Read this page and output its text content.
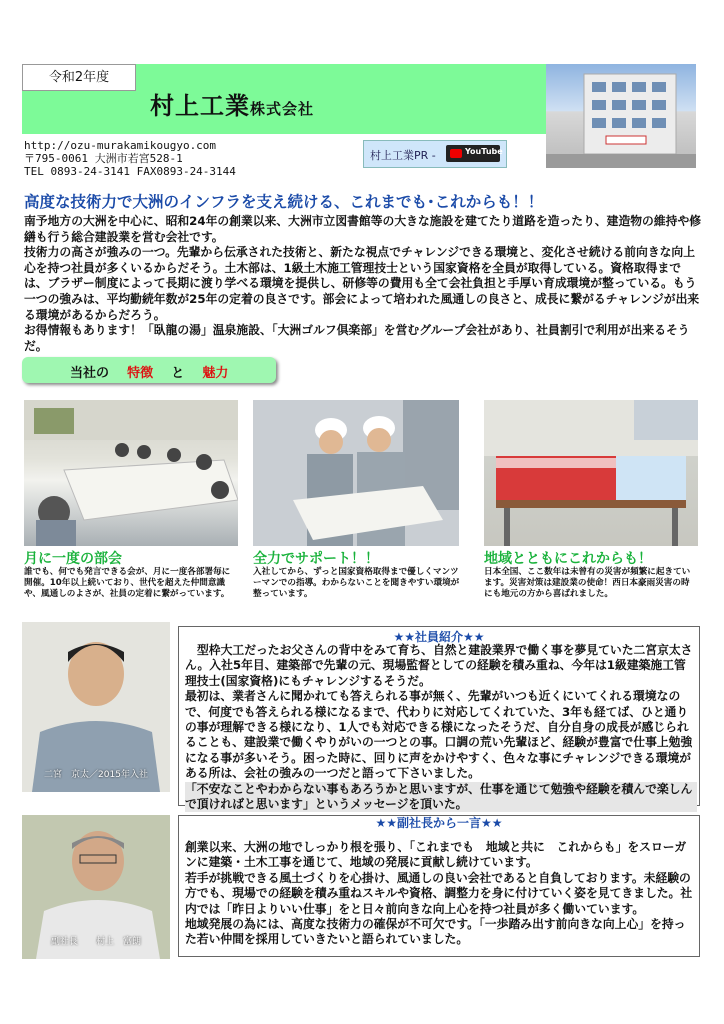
令和2年度
村上工業株式会社
http://ozu-murakamikougyo.com
〒795-0061 大洲市若宮528-1
TEL 0893-24-3141 FAX0893-24-3144
村上工業PR -	YouTube
高度な技術力で大洲のインフラを支え続ける、これまでも･これからも！！

南予地方の大洲を中心に、昭和24年の創業以来、大洲市立図書館等の大きな施設を建てたり道路を造ったり、建造物の維持や修繕も行う総合建設業を営む会社です。

技術力の高さが強みの一つ。先輩から伝承された技術と、新たな視点でチャレンジできる環境と、変化させ続ける前向きな向上心を持つ社員が多くいるからだそう。土木部は、1級土木施工管理技士という国家資格を全員が取得している。資格取得までは、ブラザー制度によって長期に渡り学べる環境を提供し、研修等の費用も全て会社負担と手厚い育成環境が整っている。もう一つの強みは、平均勤続年数が25年の定着の良さです。部会によって培われた風通しの良さと、成長に繋がるチャレンジが出来る環境があるからだろう。

お得情報もあります！「臥龍の湯」温泉施設、「大洲ゴルフ倶楽部」を営むグループ会社があり、社員割引で利用が出来るそうだ。

当社の 特徴 と 魅力
月に一度の部会
誰でも、何でも発言できる会が、月に一度各部署毎に開催。10年以上続いており、世代を超えた仲間意識や、風通しのよさが、社員の定着に繋がっています。
全力でサポート！！
入社してから、ずっと国家資格取得まで優しくマンツーマンでの指導。わからないことを聞きやすい環境が整っています。
地域とともにこれからも！
日本全国、ここ数年は未曾有の災害が頻繁に起きています。災害対策は建設業の使命！西日本豪雨災害の時にも地元の方から喜ばれました。
二宮　京太／2015年入社
★★社員紹介★★

型枠大工だったお父さんの背中をみて育ち、自然と建設業界で働く事を夢見ていた二宮京太さん。入社5年目、建築部で先輩の元、現場監督としての経験を積み重ね、今年は1級建築施工管理技士(国家資格)にもチャレンジするそうだ。

最初は、業者さんに聞かれても答えられる事が無く、先輩がいつも近くにいてくれる環境なので、何度でも答えられる様になるまで、代わりに対応してくれていた、3年も経てば、ひと通りの事が理解できる様になり、1人でも対応できる様になったそうだ、自分自身の成長が感じられることも、建設業で働くやりがいの一つとの事。口調の荒い先輩ほど、経験が豊富で仕事上勉強になる事が多いそう。困った時に、回りに声をかけやすく、色々な事にチャレンジできる環境がある所は、会社の強みの一つだと語って下さいました。

「不安なことやわからない事もあろうかと思いますが、仕事を通じて勉強や経験を積んで楽しんで頂ければと思います」というメッセージを頂いた。

副社長　　村上　富朗
★★副社長から一言★★

創業以来、大洲の地でしっかり根を張り、「これまでも　地域と共に　これからも」をスローガンに建築・土木工事を通じて、地域の発展に貢献し続けています。

若手が挑戦できる風土づくりを心掛け、風通しの良い会社であると自負しております。未経験の方でも、現場での経験を積み重ねスキルや資格、調整力を身に付けていく姿を見てきました。社内では「昨日よりいい仕事」をと日々前向きな向上心を持つ社員が多く働いています。

地域発展の為には、高度な技術力の確保が不可欠です。「一歩踏み出す前向きな向上心」を持った若い仲間を採用していきたいと語られていました。
